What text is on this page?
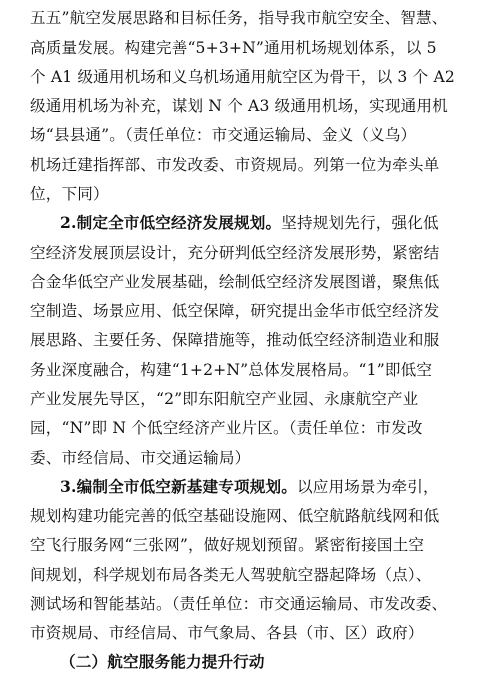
五五”航空发展思路和目标任务，指导我市航空安全、智慧、
高质量发展。构建完善“5+3+N”通用机场规划体系，以 5
个 A1 级通用机场和义乌机场通用航空区为骨干，以 3 个 A2
级通用机场为补充，谋划 N 个 A3 级通用机场，实现通用机
场“县县通”。（责任单位：市交通运输局、金义（义乌）
机场迁建指挥部、市发改委、市资规局。列第一位为牵头单
位，下同）
2.制定全市低空经济发展规划。坚持规划先行，强化低
空经济发展顶层设计，充分研判低空经济发展形势，紧密结
合金华低空产业发展基础，绘制低空经济发展图谱，聚焦低
空制造、场景应用、低空保障，研究提出金华市低空经济发
展思路、主要任务、保障措施等，推动低空经济制造业和服
务业深度融合，构建“1+2+N”总体发展格局。“1”即低空
产业发展先导区，“2”即东阳航空产业园、永康航空产业
园，“N”即 N 个低空经济产业片区。（责任单位：市发改
委、市经信局、市交通运输局）
3.编制全市低空新基建专项规划。以应用场景为牵引，
规划构建功能完善的低空基础设施网、低空航路航线网和低
空飞行服务网“三张网”，做好规划预留。紧密衔接国土空
间规划，科学规划布局各类无人驾驶航空器起降场（点）、
测试场和智能基站。（责任单位：市交通运输局、市发改委、
市资规局、市经信局、市气象局、各县（市、区）政府）
（二）航空服务能力提升行动
